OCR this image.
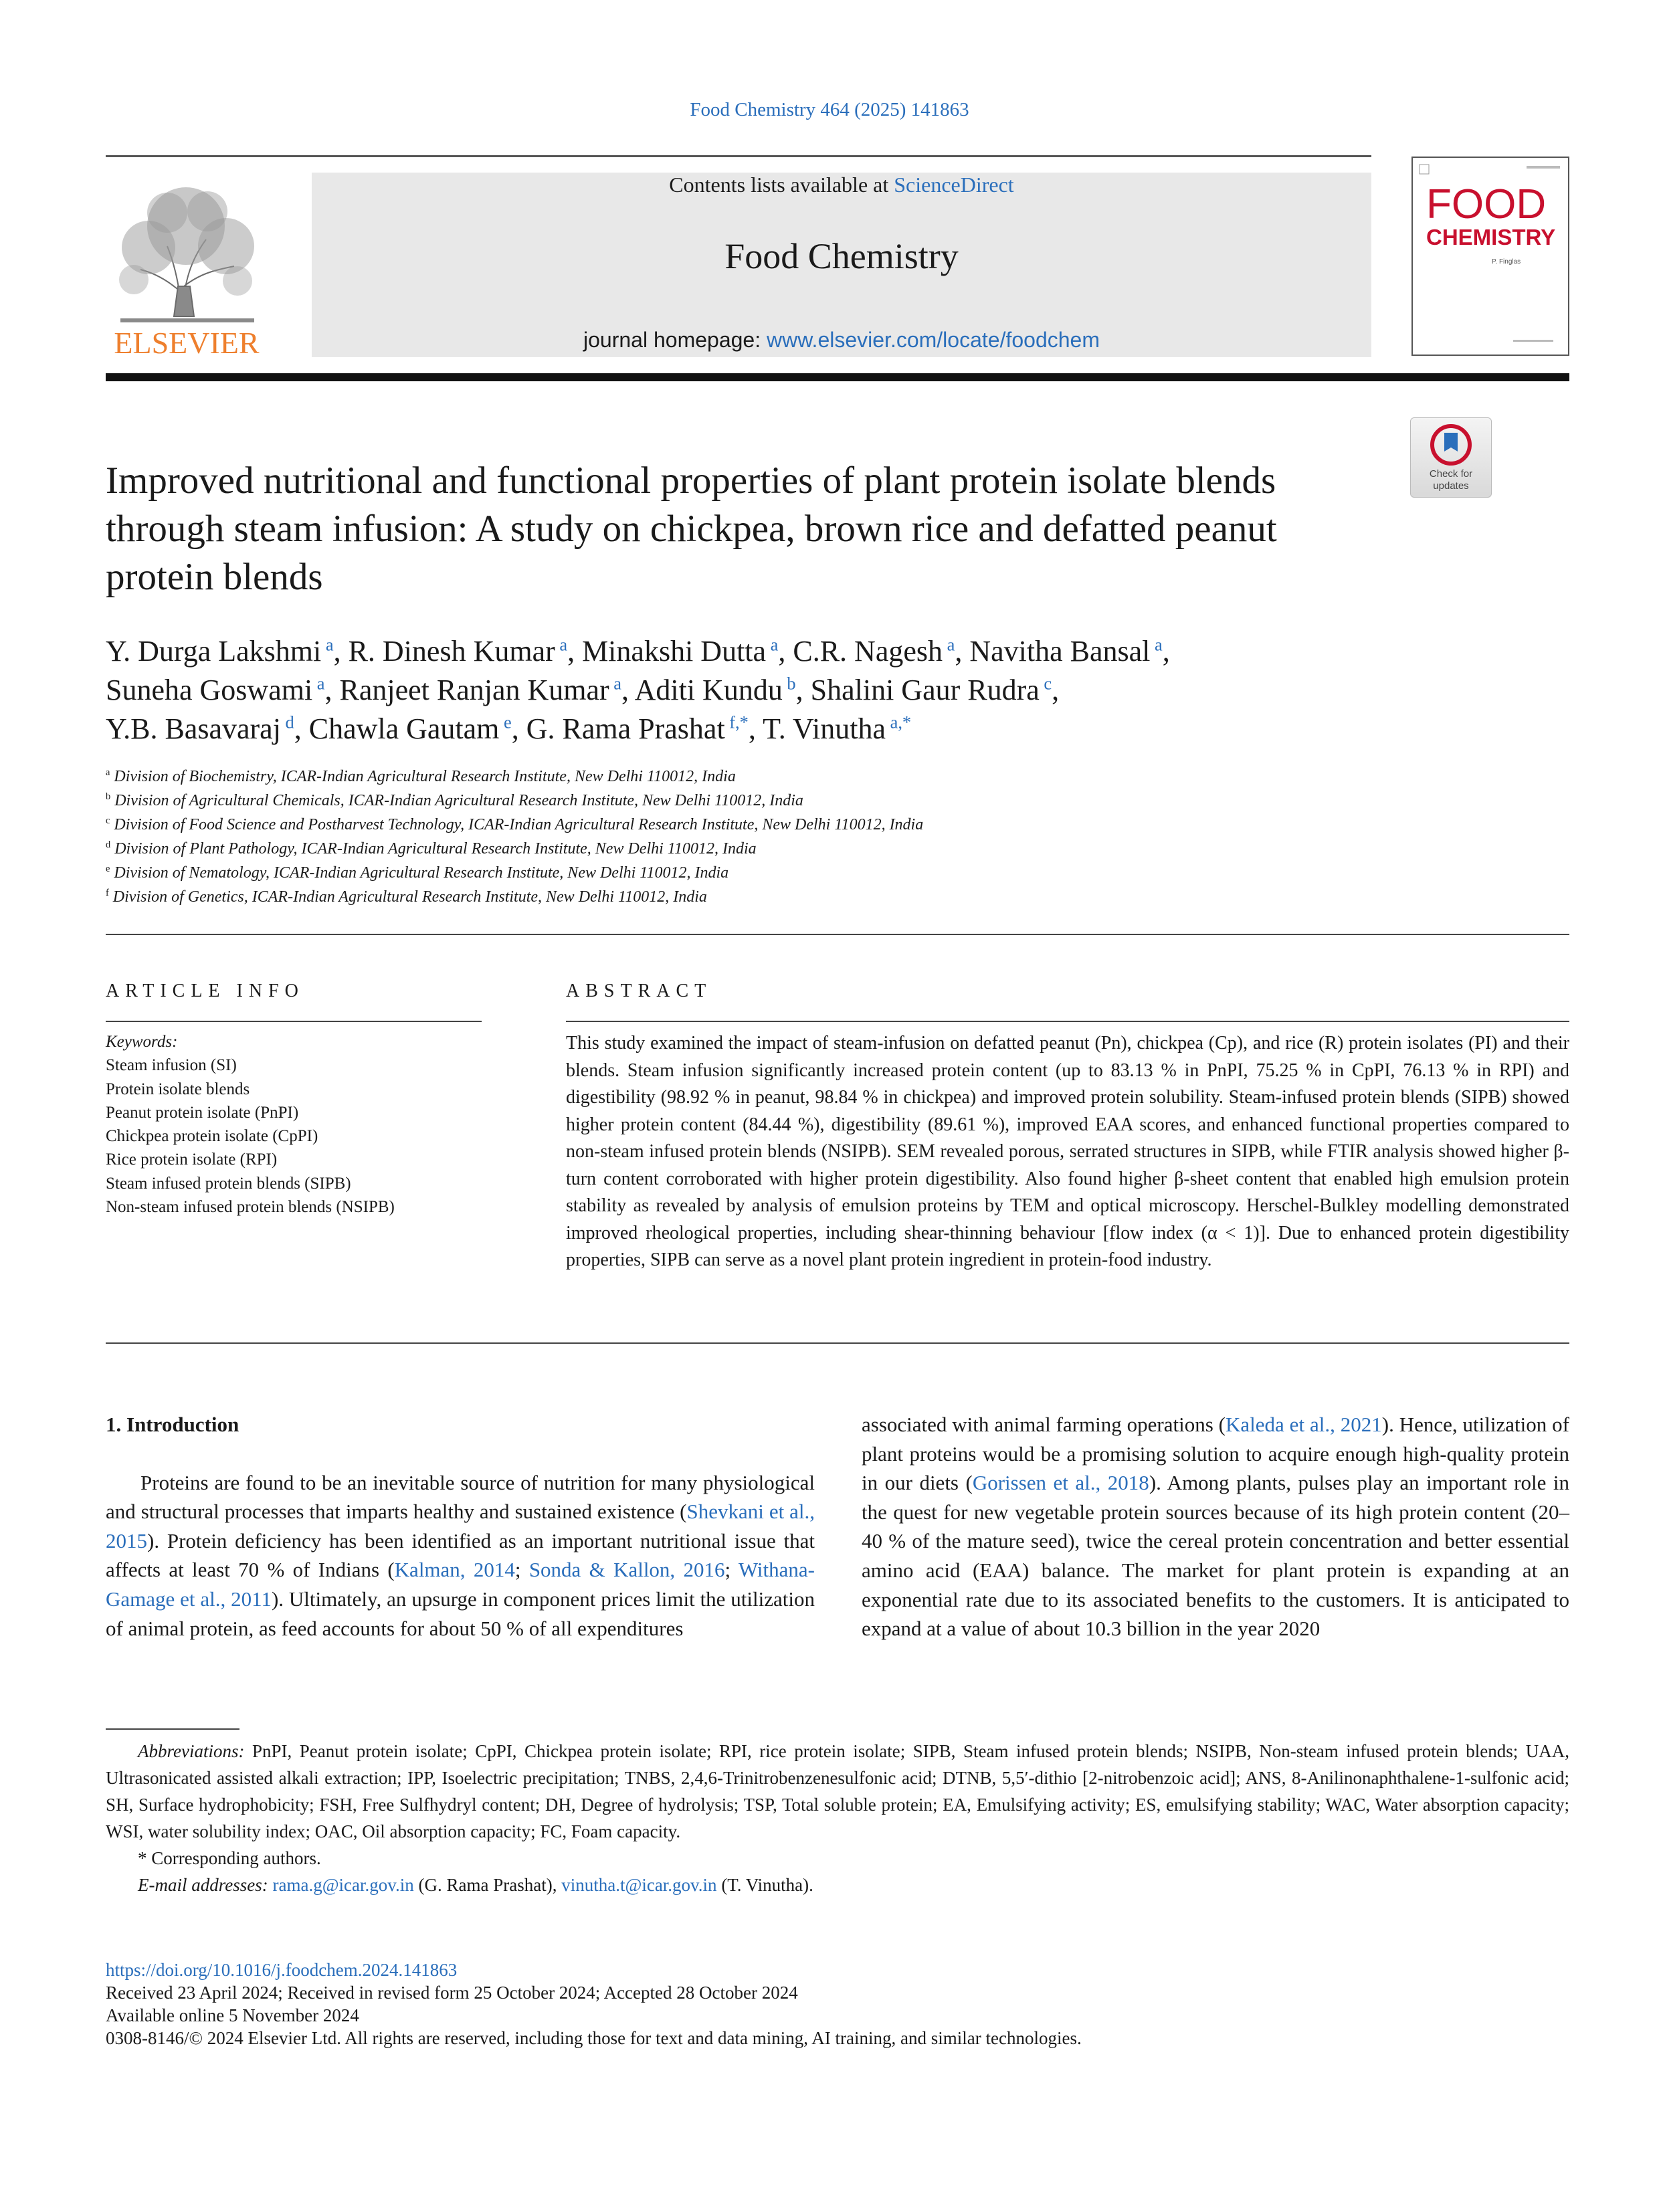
Food Chemistry 464 (2025) 141863
ELSEVIER
Contents lists available at ScienceDirect
Food Chemistry
journal homepage: www.elsevier.com/locate/foodchem
FOOD
CHEMISTRY
P. Finglas
Check for
updates
Improved nutritional and functional properties of plant protein isolate blends through steam infusion: A study on chickpea, brown rice and defatted peanut protein blends
Y. Durga Lakshmi $^a$, R. Dinesh Kumar $^a$, Minakshi Dutta $^a$, C.R. Nagesh $^a$, Navitha Bansal $^a$,
Suneha Goswami $^a$, Ranjeet Ranjan Kumar $^a$, Aditi Kundu $^b$, Shalini Gaur Rudra $^c$,
Y.B. Basavaraj $^d$, Chawla Gautam $^e$, G. Rama Prashat $^{f,*}$, T. Vinutha $^{a,*}$
$^a$ Division of Biochemistry, ICAR-Indian Agricultural Research Institute, New Delhi 110012, India
$^b$ Division of Agricultural Chemicals, ICAR-Indian Agricultural Research Institute, New Delhi 110012, India
$^c$ Division of Food Science and Postharvest Technology, ICAR-Indian Agricultural Research Institute, New Delhi 110012, India
$^d$ Division of Plant Pathology, ICAR-Indian Agricultural Research Institute, New Delhi 110012, India
$^e$ Division of Nematology, ICAR-Indian Agricultural Research Institute, New Delhi 110012, India
$^f$ Division of Genetics, ICAR-Indian Agricultural Research Institute, New Delhi 110012, India
ARTICLE INFO	ABSTRACT
Keywords:
Steam infusion (SI)
Protein isolate blends
Peanut protein isolate (PnPI)
Chickpea protein isolate (CpPI)
Rice protein isolate (RPI)
Steam infused protein blends (SIPB)
Non-steam infused protein blends (NSIPB)
This study examined the impact of steam-infusion on defatted peanut (Pn), chickpea (Cp), and rice (R) protein isolates (PI) and their blends. Steam infusion significantly increased protein content (up to 83.13 % in PnPI, 75.25 % in CpPI, 76.13 % in RPI) and digestibility (98.92 % in peanut, 98.84 % in chickpea) and improved protein solubility. Steam-infused protein blends (SIPB) showed higher protein content (84.44 %), digestibility (89.61 %), improved EAA scores, and enhanced functional properties compared to non-steam infused protein blends (NSIPB). SEM revealed porous, serrated structures in SIPB, while FTIR analysis showed higher β-turn content corroborated with higher protein digestibility. Also found higher β-sheet content that enabled high emulsion protein stability as revealed by analysis of emulsion proteins by TEM and optical microscopy. Herschel-Bulkley modelling demonstrated improved rheological properties, including shear-thinning behaviour [flow index (α < 1)]. Due to enhanced protein digestibility properties, SIPB can serve as a novel plant protein ingredient in protein-food industry.
1. Introduction

Proteins are found to be an inevitable source of nutrition for many physiological and structural processes that imparts healthy and sustained existence (Shevkani et al., 2015). Protein deficiency has been identified as an important nutritional issue that affects at least 70 % of Indians (Kalman, 2014; Sonda & Kallon, 2016; Withana-Gamage et al., 2011). Ultimately, an upsurge in component prices limit the utilization of animal protein, as feed accounts for about 50 % of all expenditures

associated with animal farming operations (Kaleda et al., 2021). Hence, utilization of plant proteins would be a promising solution to acquire enough high-quality protein in our diets (Gorissen et al., 2018). Among plants, pulses play an important role in the quest for new vegetable protein sources because of its high protein content (20–40 % of the mature seed), twice the cereal protein concentration and better essential amino acid (EAA) balance. The market for plant protein is expanding at an exponential rate due to its associated benefits to the customers. It is anticipated to expand at a value of about 10.3 billion in the year 2020

Abbreviations: PnPI, Peanut protein isolate; CpPI, Chickpea protein isolate; RPI, rice protein isolate; SIPB, Steam infused protein blends; NSIPB, Non-steam infused protein blends; UAA, Ultrasonicated assisted alkali extraction; IPP, Isoelectric precipitation; TNBS, 2,4,6-Trinitrobenzenesulfonic acid; DTNB, 5,5′-dithio [2-nitrobenzoic acid]; ANS, 8-Anilinonaphthalene-1-sulfonic acid; SH, Surface hydrophobicity; FSH, Free Sulfhydryl content; DH, Degree of hydrolysis; TSP, Total soluble protein; EA, Emulsifying activity; ES, emulsifying stability; WAC, Water absorption capacity; WSI, water solubility index; OAC, Oil absorption capacity; FC, Foam capacity.

* Corresponding authors.

E-mail addresses: rama.g@icar.gov.in (G. Rama Prashat), vinutha.t@icar.gov.in (T. Vinutha).

https://doi.org/10.1016/j.foodchem.2024.141863
Received 23 April 2024; Received in revised form 25 October 2024; Accepted 28 October 2024
Available online 5 November 2024
0308-8146/© 2024 Elsevier Ltd. All rights are reserved, including those for text and data mining, AI training, and similar technologies.
